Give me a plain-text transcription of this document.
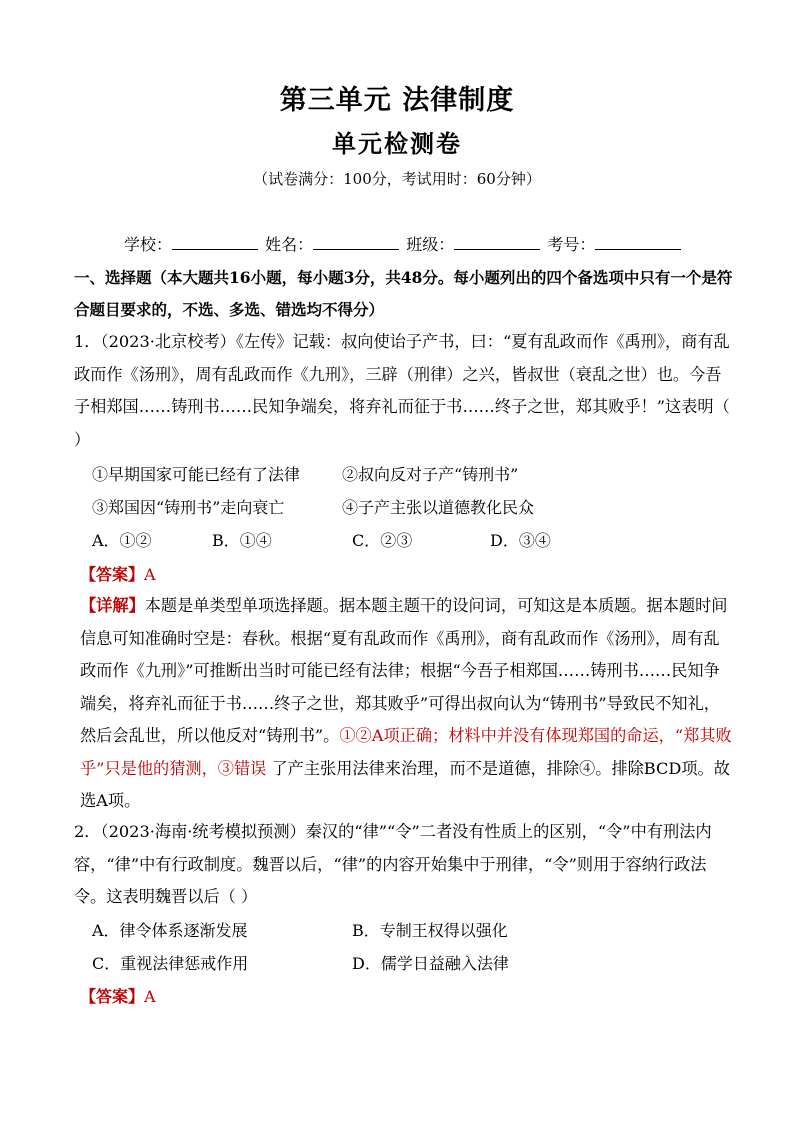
第三单元 法律制度
单元检测卷
（试卷满分：100分，考试用时：60分钟）
学校：	姓名：	班级：	考号：
一、选择题（本大题共16小题，每小题3分，共48分。每小题列出的四个备选项中只有一个是符合题目要求的，不选、多选、错选均不得分）
1．（2023·北京校考）《左传》记载：叔向使诒子产书，曰：“夏有乱政而作《禹刑》，商有乱政而作《汤刑》，周有乱政而作《九刑》，三辟（刑律）之兴，皆叔世（衰乱之世）也。今吾子相郑国……铸刑书……民知争端矣，将弃礼而征于书……终子之世，郑其败乎！”这表明（ ）
①早期国家可能已经有了法律	②叔向反对子产“铸刑书”
③郑国因“铸刑书”走向衰亡	④子产主张以道德教化民众
A．①②	B．①④	C．②③	D．③④
【答案】A
【详解】本题是单类型单项选择题。据本题主题干的设问词，可知这是本质题。据本题时间信息可知准确时空是：春秋。根据“夏有乱政而作《禹刑》，商有乱政而作《汤刑》，周有乱政而作《九刑》”可推断出当时可能已经有法律；根据“今吾子相郑国……铸刑书……民知争端矣，将弃礼而征于书……终子之世，郑其败乎”可得出叔向认为“铸刑书”导致民不知礼，然后会乱世，所以他反对“铸刑书”。①②A项正确；材料中并没有体现郑国的命运，“郑其败乎”只是他的猜测，③错误 了产主张用法律来治理，而不是道德，排除④。排除BCD项。故选A项。
2．（2023·海南·统考模拟预测）秦汉的“律”“令”二者没有性质上的区别，“令”中有刑法内容，“律”中有行政制度。魏晋以后，“律”的内容开始集中于刑律，“令”则用于容纳行政法令。这表明魏晋以后（ ）
A．律令体系逐渐发展	B．专制王权得以强化
C．重视法律惩戒作用	D．儒学日益融入法律
【答案】A
